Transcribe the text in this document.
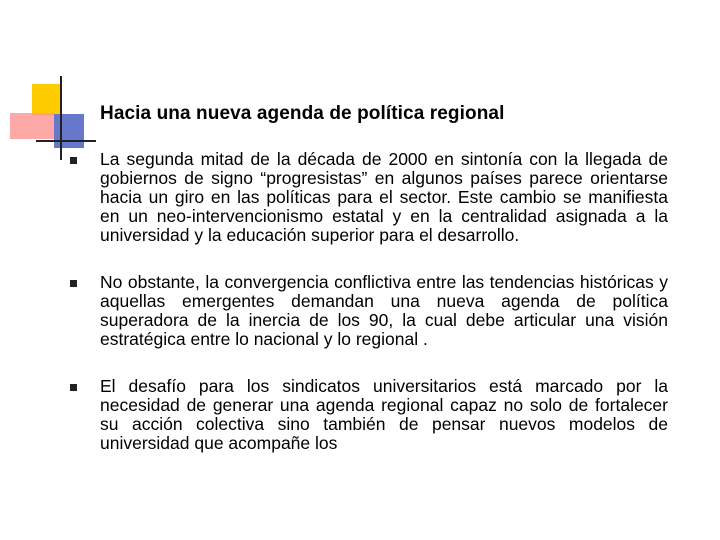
Hacia una nueva agenda de política regional
La segunda mitad de la década de 2000 en sintonía con la llegada de gobiernos de signo “progresistas” en algunos países parece orientarse hacia un giro en las políticas para el sector. Este cambio se manifiesta en un neo-intervencionismo estatal y en la centralidad asignada a la universidad y la educación superior para el desarrollo.
No obstante, la convergencia conflictiva entre las tendencias históricas y aquellas emergentes demandan una nueva agenda de política superadora de la inercia de los 90, la cual debe articular una visión estratégica entre lo nacional y lo regional .
El desafío para los sindicatos universitarios está marcado por la necesidad de generar una agenda regional capaz no solo de fortalecer su acción colectiva sino también de pensar nuevos modelos de universidad que acompañe los
